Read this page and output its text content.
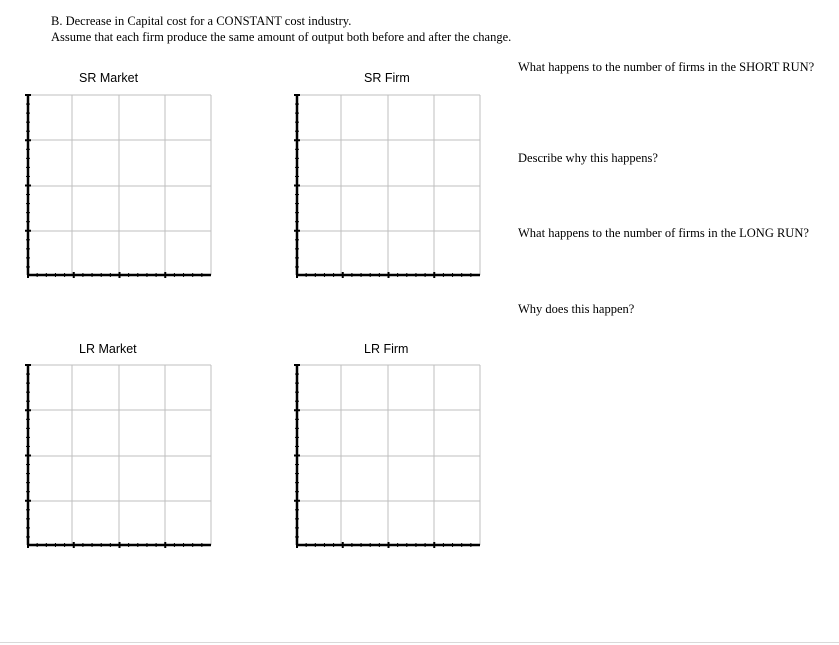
B. Decrease in Capital cost for a CONSTANT cost industry.
Assume that each firm produce the same amount of output both before and after the change.
SR Market	SR Firm
LR Market	LR Firm
What happens to the number of firms in the SHORT RUN?
Describe why this happens?
What happens to the number of firms in the LONG RUN?
Why does this happen?
